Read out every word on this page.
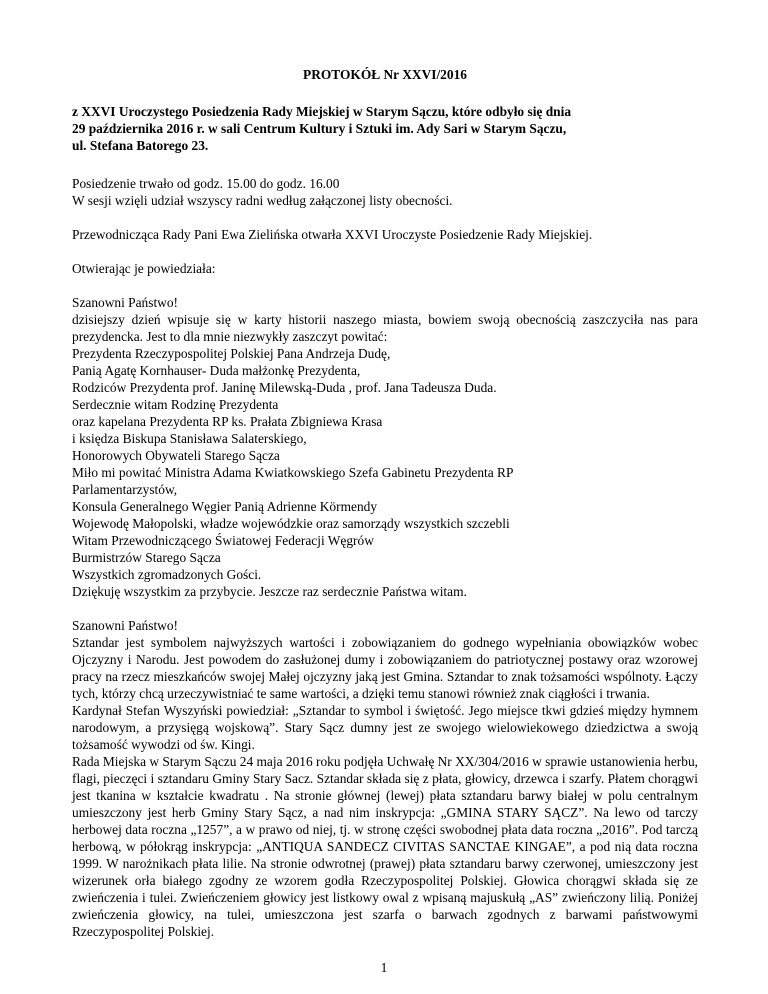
PROTOKÓŁ Nr XXVI/2016
z XXVI Uroczystego Posiedzenia Rady Miejskiej w Starym Sączu, które odbyło się dnia
29 października 2016 r. w sali Centrum Kultury i Sztuki im. Ady Sari w Starym Sączu,
ul. Stefana Batorego 23.
Posiedzenie trwało od godz. 15.00 do godz. 16.00
W sesji wzięli udział wszyscy radni według załączonej listy obecności.
Przewodnicząca Rady Pani Ewa Zielińska otwarła XXVI Uroczyste Posiedzenie Rady Miejskiej.
Otwierając je powiedziała:
Szanowni Państwo!

dzisiejszy dzień wpisuje się w karty historii naszego miasta, bowiem swoją obecnością zaszczyciła nas para prezydencka. Jest to dla mnie niezwykły zaszczyt powitać:

Prezydenta Rzeczypospolitej Polskiej Pana Andrzeja Dudę,
Panią Agatę Kornhauser- Duda małżonkę Prezydenta,
Rodziców Prezydenta prof. Janinę Milewską-Duda , prof. Jana Tadeusza Duda.
Serdecznie witam Rodzinę Prezydenta
oraz kapelana Prezydenta RP ks. Prałata Zbigniewa Krasa
i księdza Biskupa Stanisława Salaterskiego,
Honorowych Obywateli Starego Sącza
Miło mi powitać Ministra Adama Kwiatkowskiego Szefa Gabinetu Prezydenta RP
Parlamentarzystów,
Konsula Generalnego Węgier Panią Adrienne Körmendy
Wojewodę Małopolski, władze wojewódzkie oraz samorządy wszystkich szczebli
Witam Przewodniczącego Światowej Federacji Węgrów
Burmistrzów Starego Sącza
Wszystkich zgromadzonych Gości.
Dziękuję wszystkim za przybycie. Jeszcze raz serdecznie Państwa witam.

Szanowni Państwo!

Sztandar jest symbolem najwyższych wartości i zobowiązaniem do godnego wypełniania obowiązków wobec Ojczyzny i Narodu. Jest powodem do zasłużonej dumy i zobowiązaniem do patriotycznej postawy oraz wzorowej pracy na rzecz mieszkańców swojej Małej ojczyzny jaką jest Gmina. Sztandar to znak tożsamości wspólnoty. Łączy tych, którzy chcą urzeczywistniać te same wartości, a dzięki temu stanowi również znak ciągłości i trwania.

Kardynał Stefan Wyszyński powiedział: „Sztandar to symbol i świętość. Jego miejsce tkwi gdzieś między hymnem narodowym, a przysięgą wojskową”. Stary Sącz dumny jest ze swojego wielowiekowego dziedzictwa a swoją tożsamość wywodzi od św. Kingi.

Rada Miejska w Starym Sączu 24 maja 2016 roku podjęła Uchwałę Nr XX/304/2016 w sprawie ustanowienia herbu, flagi, pieczęci i sztandaru Gminy Stary Sacz. Sztandar składa się z płata, głowicy, drzewca i szarfy. Płatem chorągwi jest tkanina w kształcie kwadratu . Na stronie głównej (lewej) płata sztandaru barwy białej w polu centralnym umieszczony jest herb Gminy Stary Sącz, a nad nim inskrypcja: „GMINA STARY SĄCZ”. Na lewo od tarczy herbowej data roczna „1257”, a w prawo od niej, tj. w stronę części swobodnej płata data roczna „2016”. Pod tarczą herbową, w półokrąg inskrypcja: „ANTIQUA SANDECZ CIVITAS SANCTAE KINGAE”, a pod nią data roczna 1999. W narożnikach płata lilie. Na stronie odwrotnej (prawej) płata sztandaru barwy czerwonej, umieszczony jest wizerunek orła białego zgodny ze wzorem godła Rzeczypospolitej Polskiej. Głowica chorągwi składa się ze zwieńczenia i tulei. Zwieńczeniem głowicy jest listkowy owal z wpisaną majuskułą „AS” zwieńczony lilią. Poniżej zwieńczenia głowicy, na tulei, umieszczona jest szarfa o barwach zgodnych z barwami państwowymi Rzeczypospolitej Polskiej.

1
